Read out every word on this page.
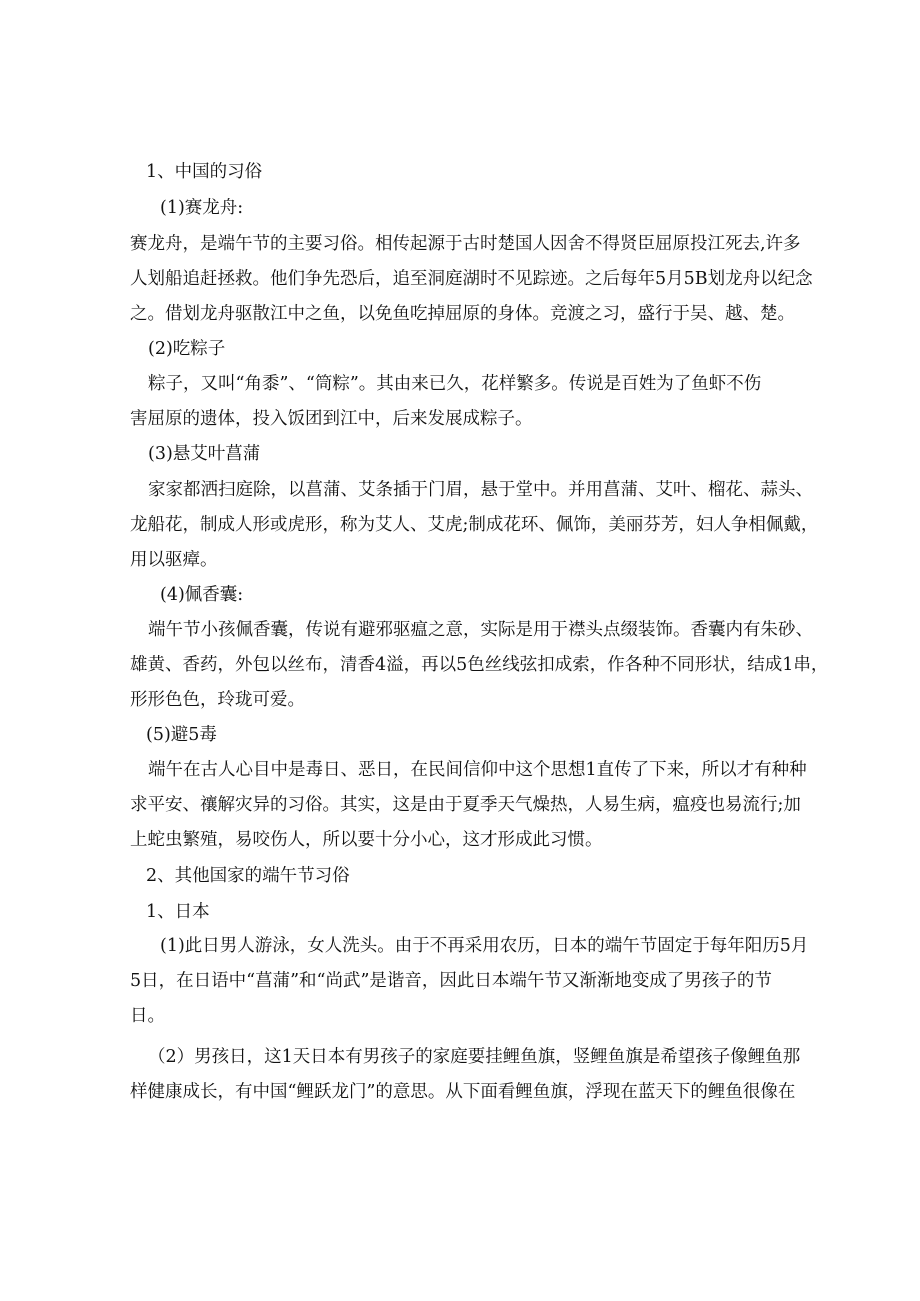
1、中国的习俗

(1)赛龙舟:

赛龙舟，是端午节的主要习俗。相传起源于古时楚国人因舍不得贤臣屈原投江死去,许多

人划船追赶拯救。他们争先恐后，追至洞庭湖时不见踪迹。之后每年5月5B划龙舟以纪念

之。借划龙舟驱散江中之鱼，以免鱼吃掉屈原的身体。竞渡之习，盛行于吴、越、楚。

(2)吃粽子

粽子，又叫“角黍”、“筒粽”。其由来已久，花样繁多。传说是百姓为了鱼虾不伤

害屈原的遗体，投入饭团到江中，后来发展成粽子。

(3)悬艾叶菖蒲

家家都洒扫庭除，以菖蒲、艾条插于门眉，悬于堂中。并用菖蒲、艾叶、榴花、蒜头、

龙船花，制成人形或虎形，称为艾人、艾虎;制成花环、佩饰，美丽芬芳，妇人争相佩戴，

用以驱瘴。

(4)佩香囊:

端午节小孩佩香囊，传说有避邪驱瘟之意，实际是用于襟头点缀装饰。香囊内有朱砂、

雄黄、香药，外包以丝布，清香4溢，再以5色丝线弦扣成索，作各种不同形状，结成1串，

形形色色，玲珑可爱。

(5)避5毒

端午在古人心目中是毒日、恶日，在民间信仰中这个思想1直传了下来，所以才有种种

求平安、禳解灾异的习俗。其实，这是由于夏季天气燥热，人易生病，瘟疫也易流行;加

上蛇虫繁殖，易咬伤人，所以要十分小心，这才形成此习惯。

2、其他国家的端午节习俗

1、日本

(1)此日男人游泳，女人洗头。由于不再采用农历，日本的端午节固定于每年阳历5月

5日，在日语中“菖蒲”和“尚武”是谐音，因此日本端午节又渐渐地变成了男孩子的节

日。

（2）男孩日，这1天日本有男孩子的家庭要挂鲤鱼旗，竖鲤鱼旗是希望孩子像鲤鱼那

样健康成长，有中国“鲤跃龙门”的意思。从下面看鲤鱼旗，浮现在蓝天下的鲤鱼很像在
